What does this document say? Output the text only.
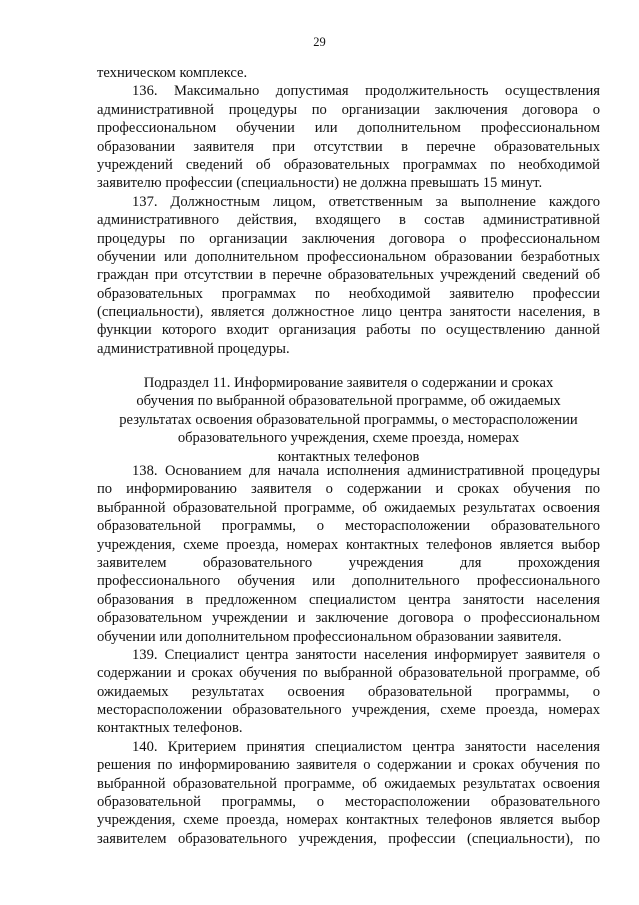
29
техническом комплексе.
136. Максимально допустимая продолжительность осуществления
административной процедуры по организации заключения договора о
профессиональном обучении или дополнительном профессиональном
образовании заявителя при отсутствии в перечне образовательных
учреждений сведений об образовательных программах по необходимой
заявителю профессии (специальности) не должна превышать 15 минут.
137. Должностным лицом, ответственным за выполнение каждого
административного действия, входящего в состав административной
процедуры по организации заключения договора о профессиональном
обучении или дополнительном профессиональном образовании безработных
граждан при отсутствии в перечне образовательных учреждений сведений об
образовательных программах по необходимой заявителю профессии
(специальности), является должностное лицо центра занятости населения, в
функции которого входит организация работы по осуществлению данной
административной процедуры.
Подраздел 11. Информирование заявителя о содержании и сроках
обучения по выбранной образовательной программе, об ожидаемых
результатах освоения образовательной программы, о месторасположении
образовательного учреждения, схеме проезда, номерах
контактных телефонов
138. Основанием для начала исполнения административной процедуры
по информированию заявителя о содержании и сроках обучения по
выбранной образовательной программе, об ожидаемых результатах освоения
образовательной программы, о месторасположении образовательного
учреждения, схеме проезда, номерах контактных телефонов является выбор
заявителем образовательного учреждения для прохождения
профессионального обучения или дополнительного профессионального
образования в предложенном специалистом центра занятости населения
образовательном учреждении и заключение договора о профессиональном
обучении или дополнительном профессиональном образовании заявителя.
139. Специалист центра занятости населения информирует заявителя о
содержании и сроках обучения по выбранной образовательной программе, об
ожидаемых результатах освоения образовательной программы, о
месторасположении образовательного учреждения, схеме проезда, номерах
контактных телефонов.
140. Критерием принятия специалистом центра занятости населения
решения по информированию заявителя о содержании и сроках обучения по
выбранной образовательной программе, об ожидаемых результатах освоения
образовательной программы, о месторасположении образовательного
учреждения, схеме проезда, номерах контактных телефонов является выбор
заявителем образовательного учреждения, профессии (специальности), по
